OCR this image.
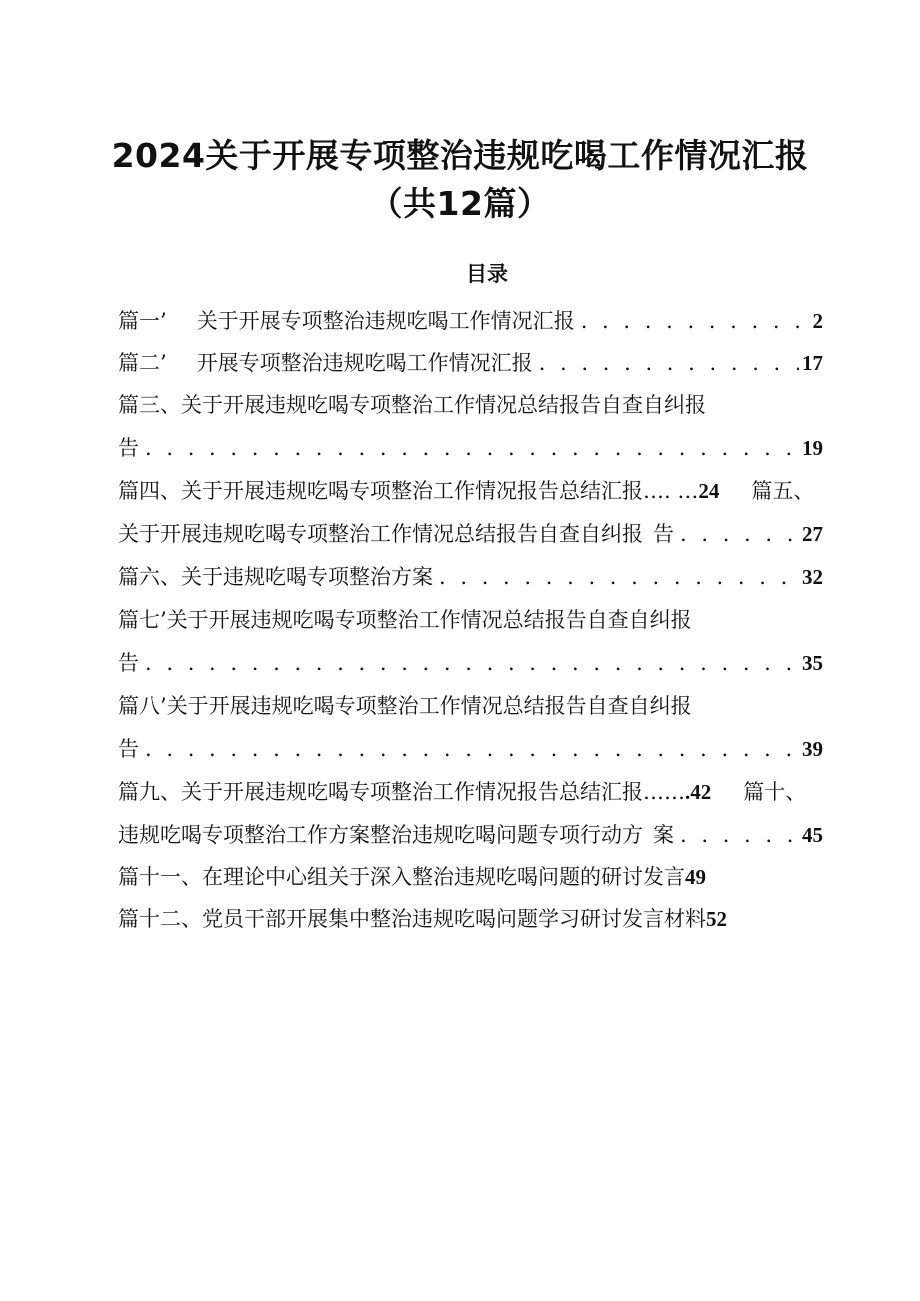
2024关于开展专项整治违规吃喝工作情况汇报
（共12篇）
目录
篇一’ 关于开展专项整治违规吃喝工作情况汇报 . . .	2
篇二’ 开展专项整治违规吃喝工作情况汇报 . . .	17
篇三、关于开展违规吃喝专项整治工作情况总结报告自查自纠报
告 . . .	19
篇四、关于开展违规吃喝专项整治工作情况报告总结汇报…. …24 篇五、
关于开展违规吃喝专项整治工作情况总结报告自查自纠报 告 . . .	27
篇六、 关于违规吃喝专项整治方案 . . .	32
篇七’关于开展违规吃喝专项整治工作情况总结报告自查自纠报
告 . . .	35
篇八’关于开展违规吃喝专项整治工作情况总结报告自查自纠报
告 . . .	39
篇九、关于开展违规吃喝专项整治工作情况报告总结汇报…….42 篇十、
违规吃喝专项整治工作方案整治违规吃喝问题专项行动方 案 . . .	45
篇十一、在理论中心组关于深入整治违规吃喝问题的研讨发言49
篇十二、党员干部开展集中整治违规吃喝问题学习研讨发言材料52
